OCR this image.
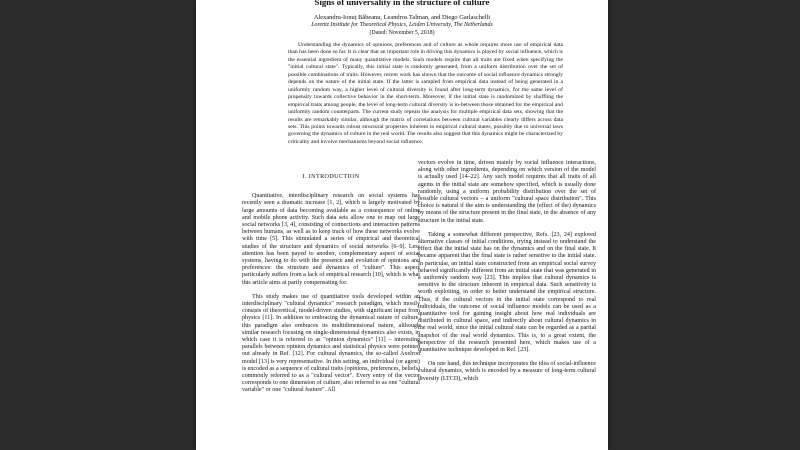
Signs of universality in the structure of culture
Alexandru-Ionuț Băbeanu, Leandros Talman, and Diego Garlaschelli
Lorentz Institute for Theoretical Physics, Leiden University, The Netherlands
(Dated: November 5, 2018)
Understanding the dynamics of opinions, preferences and of culture as whole requires more use of empirical data than has been done so far. It is clear that an important role in driving this dynamics is played by social influence, which is the essential ingredient of many quantitative models. Such models require that all traits are fixed when specifying the "initial cultural state". Typically, this initial state is randomly generated, from a uniform distribution over the set of possible combinations of traits. However, recent work has shown that the outcome of social influence dynamics strongly depends on the nature of the initial state. If the latter is sampled from empirical data instead of being generated in a uniformly random way, a higher level of cultural diversity is found after long-term dynamics, for the same level of propensity towards collective behavior in the short-term. Moreover, if the initial state is randomized by shuffling the empirical traits among people, the level of long-term cultural diversity is in-between those obtained for the empirical and uniformly random counterparts. The current study repeats the analysis for multiple empirical data sets, showing that the results are remarkably similar, although the matrix of correlations between cultural variables clearly differs across data sets. This points towards robust structural properties inherent in empirical cultural states, possibly due to universal laws governing the dynamics of culture in the real world. The results also suggest that this dynamics might be characterized by criticality and involve mechanisms beyond social influence.
I. INTRODUCTION

Quantitative, interdisciplinary research on social systems has recently seen a dramatic increase [1, 2], which is largely motivated by large amounts of data becoming available as a consequence of online and mobile phone activity. Such data sets allow one to map out large social networks [3, 4], consisting of connections and interaction patterns between humans, as well as to keep track of how these networks evolve with time [5]. This stimulated a series of empirical and theoretical studies of the structure and dynamics of social networks [6–9]. Less attention has been payed to another, complementary aspect of social systems, having to do with the presence and evolution of opinions and preferences: the structure and dynamics of "culture". This aspect particularly suffers from a lack of empirical research [10], which is what this article aims at partly compensating for.

This study makes use of quantitative tools developed within an interdisciplinary "cultural dynamics" research paradigm, which mostly consists of theoretical, model-driven studies, with significant input from physics [11]. In addition to embracing the dynamical nature of culture, this paradigm also embraces its multidimensional nature, although similar research focusing on single-dimensional dynamics also exists, in which case it is referred to as "opinion dynamics" [11] – interesting parallels between opinion dynamics and statistical physics were pointed out already in Ref. [12]. For cultural dynamics, the so-called Axelrod model [13] is very representative. In this setting, an individual (or agent) is encoded as a sequence of cultural traits (opinions, preferences, beliefs) commonly referred to as a "cultural vector". Every entry of the vector corresponds to one dimension of culture, also referred to as one "cultural variable" or one "cultural feature". All

vectors evolve in time, driven mainly by social influence interactions, along with other ingredients, depending on which version of the model is actually used [14–22]. Any such model requires that all traits of all agents in the initial state are somehow specified, which is usually done randomly, using a uniform probability distribution over the set of possible cultural vectors – a uniform "cultural space distribution". This choice is natural if the aim is understanding the (effect of the) dynamics by means of the structure present in the final state, in the absence of any structure in the initial state.

Taking a somewhat different perspective, Refs. [23, 24] explored alternative classes of initial conditions, trying instead to understand the effect that the initial state has on the dynamics and on the final state. It became apparent that the final state is rather sensitive to the initial state. In particular, an initial state constructed from an empirical social survey behaved significantly different from an initial state that was generated in a uniformly random way [23]. This implies that cultural dynamics is sensitive to the structure inherent in empirical data. Such sensitivity is worth exploiting, in order to better understand the empirical structure. Thus, if the cultural vectors in the initial state correspond to real individuals, the outcome of social influence models can be used as a quantitative tool for gaining insight about how real individuals are distributed in cultural space, and indirectly about cultural dynamics in the real world, since the initial cultural state can be regarded as a partial snapshot of the real world dynamics. This is, to a great extent, the perspective of the research presented here, which makes use of a quantitative technique developed in Ref. [23].

On one hand, this technique incorporates the idea of social-influence cultural dynamics, which is encoded by a measure of long-term cultural diversity (LTCD), which
